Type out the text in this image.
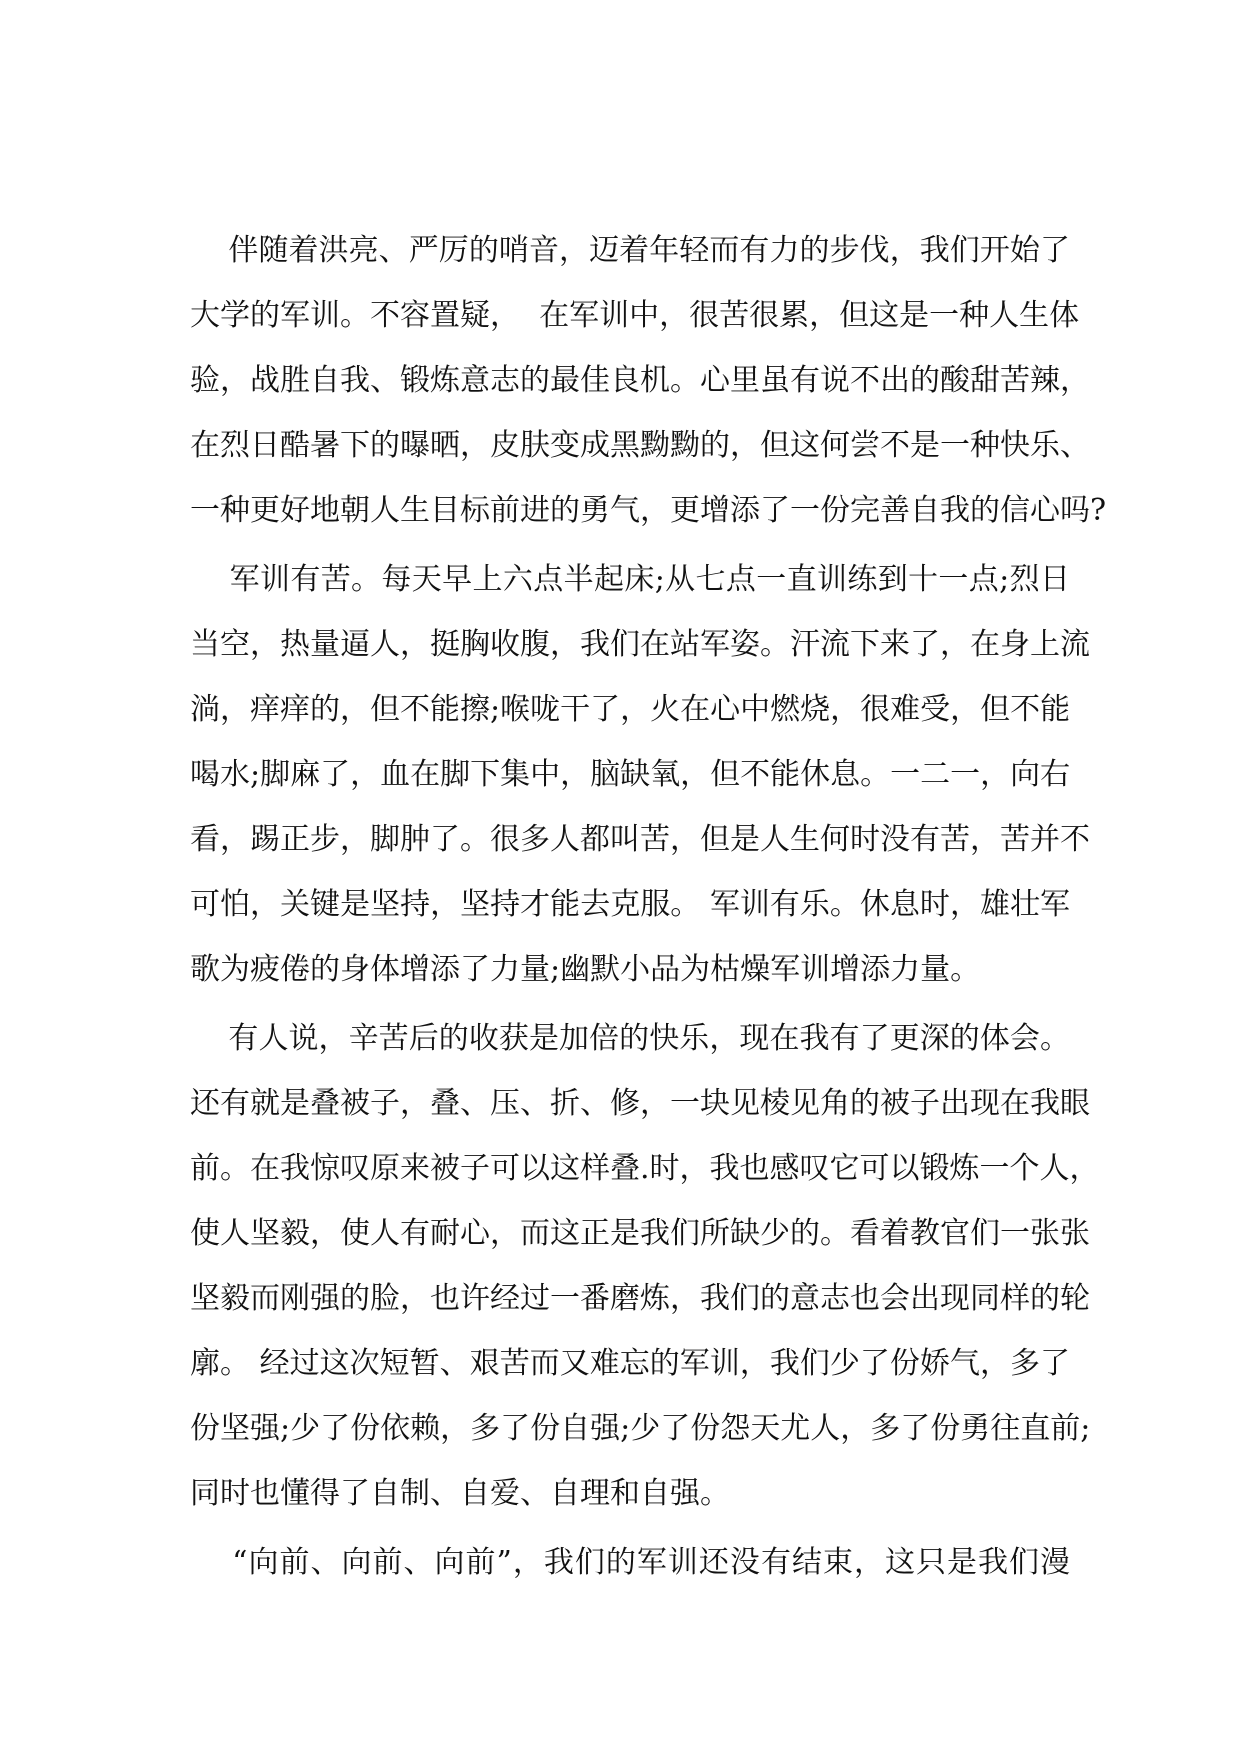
伴随着洪亮、严厉的哨音，迈着年轻而有力的步伐，我们开始了
大学的军训。不容置疑，  在军训中，很苦很累，但这是一种人生体
验，战胜自我、锻炼意志的最佳良机。心里虽有说不出的酸甜苦辣，
在烈日酷暑下的曝晒，皮肤变成黑黝黝的，但这何尝不是一种快乐、
一种更好地朝人生目标前进的勇气，更增添了一份完善自我的信心吗?
军训有苦。每天早上六点半起床;从七点一直训练到十一点;烈日
当空，热量逼人，挺胸收腹，我们在站军姿。汗流下来了，在身上流
淌，痒痒的，但不能擦;喉咙干了，火在心中燃烧，很难受，但不能
喝水;脚麻了，血在脚下集中，脑缺氧，但不能休息。一二一，向右
看，踢正步，脚肿了。很多人都叫苦，但是人生何时没有苦，苦并不
可怕，关键是坚持，坚持才能去克服。 军训有乐。休息时，雄壮军
歌为疲倦的身体增添了力量;幽默小品为枯燥军训增添力量。
有人说，辛苦后的收获是加倍的快乐，现在我有了更深的体会。
还有就是叠被子，叠、压、折、修，一块见棱见角的被子出现在我眼
前。在我惊叹原来被子可以这样叠.时，我也感叹它可以锻炼一个人，
使人坚毅，使人有耐心，而这正是我们所缺少的。看着教官们一张张
坚毅而刚强的脸，也许经过一番磨炼，我们的意志也会出现同样的轮
廓。 经过这次短暂、艰苦而又难忘的军训，我们少了份娇气，多了
份坚强;少了份依赖，多了份自强;少了份怨天尤人，多了份勇往直前;
同时也懂得了自制、自爱、自理和自强。
“向前、向前、向前”，我们的军训还没有结束，这只是我们漫
